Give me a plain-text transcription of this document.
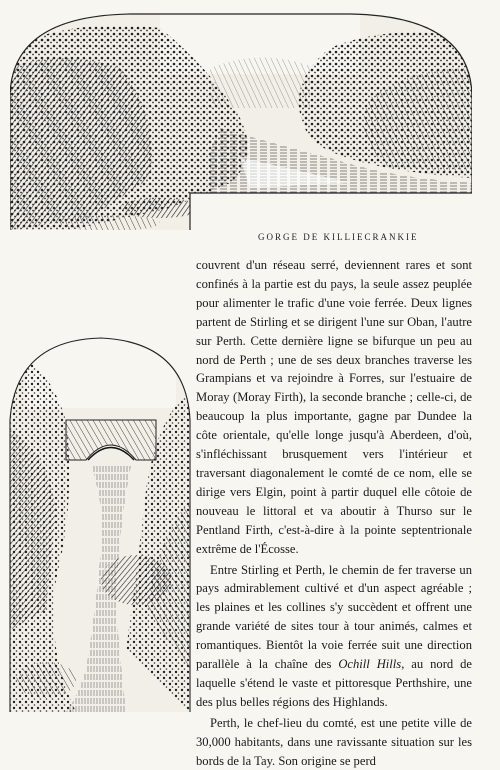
GORGE DE KILLIECRANKIE

couvrent d'un réseau serré, deviennent rares et sont confinés à la partie est du pays, la seule assez peuplée pour alimenter le trafic d'une voie ferrée. Deux lignes partent de Stirling et se dirigent l'une sur Oban, l'autre sur Perth. Cette dernière ligne se bifurque un peu au nord de Perth ; une de ses deux branches traverse les Grampians et va rejoindre à Forres, sur l'estuaire de Moray (Moray Firth), la seconde branche ; celle-ci, de beaucoup la plus importante, gagne par Dundee la côte orientale, qu'elle longe jusqu'à Aberdeen, d'où, s'infléchissant brusquement vers l'intérieur et traversant diagonalement le comté de ce nom, elle se dirige vers Elgin, point à partir duquel elle côtoie de nouveau le littoral et va aboutir à Thurso sur le Pentland Firth, c'est-à-dire à la pointe septentrionale extrême de l'Écosse.

Entre Stirling et Perth, le chemin de fer traverse un pays admirablement cultivé et d'un aspect agréable ; les plaines et les collines s'y succèdent et offrent une grande variété de sites tour à tour animés, calmes et romantiques. Bientôt la voie ferrée suit une direction parallèle à la chaîne des Ochill Hills, au nord de laquelle s'étend le vaste et pittoresque Perthshire, une des plus belles régions des Highlands.

Perth, le chef-lieu du comté, est une petite ville de 30,000 habitants, dans une ravissante situation sur les bords de la Tay. Son origine se perd
